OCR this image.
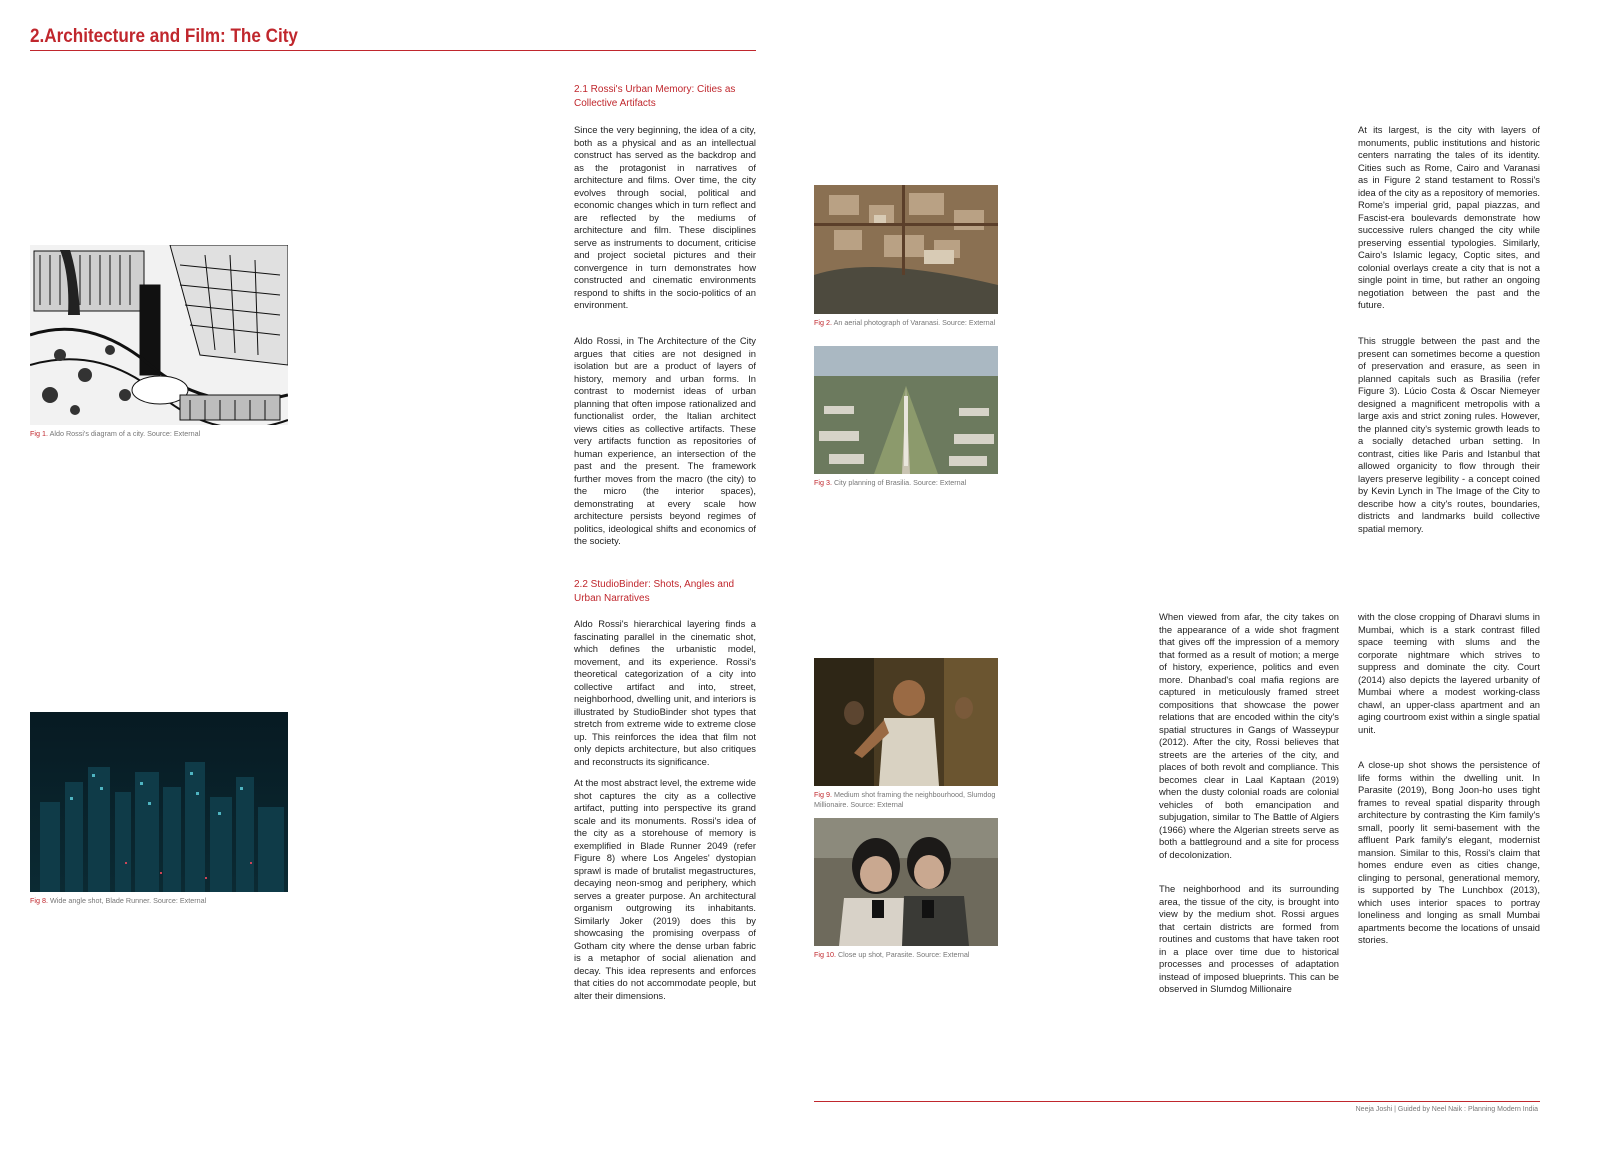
2.Architecture and Film: The City
Fig 1. Aldo Rossi's diagram of a city. Source: External
Fig 8. Wide angle shot, Blade Runner. Source: External
2.1 Rossi's Urban Memory: Cities as Collective Artifacts

Since the very beginning, the idea of a city, both as a physical and as an intellectual construct has served as the backdrop and as the protagonist in narratives of architecture and films. Over time, the city evolves through social, political and economic changes which in turn reflect and are reflected by the mediums of architecture and film. These disciplines serve as instruments to document, criticise and project societal pictures and their convergence in turn demonstrates how constructed and cinematic environments respond to shifts in the socio-politics of an environment.

Aldo Rossi, in The Architecture of the City argues that cities are not designed in isolation but are a product of layers of history, memory and urban forms. In contrast to modernist ideas of urban planning that often impose rationalized and functionalist order, the Italian architect views cities as collective artifacts. These very artifacts function as repositories of human experience, an intersection of the past and the present. The framework further moves from the macro (the city) to the micro (the interior spaces), demonstrating at every scale how architecture persists beyond regimes of politics, ideological shifts and economics of the society.

2.2 StudioBinder: Shots, Angles and Urban Narratives

Aldo Rossi's hierarchical layering finds a fascinating parallel in the cinematic shot, which defines the urbanistic model, movement, and its experience. Rossi's theoretical categorization of a city into collective artifact and into, street, neighborhood, dwelling unit, and interiors is illustrated by StudioBinder shot types that stretch from extreme wide to extreme close up. This reinforces the idea that film not only depicts architecture, but also critiques and reconstructs its significance.

At the most abstract level, the extreme wide shot captures the city as a collective artifact, putting into perspective its grand scale and its monuments. Rossi's idea of the city as a storehouse of memory is exemplified in Blade Runner 2049 (refer Figure 8) where Los Angeles' dystopian sprawl is made of brutalist megastructures, decaying neon-smog and periphery, which serves a greater purpose. An architectural organism outgrowing its inhabitants. Similarly Joker (2019) does this by showcasing the promising overpass of Gotham city where the dense urban fabric is a metaphor of social alienation and decay. This idea represents and enforces that cities do not accommodate people, but alter their dimensions.

Fig 2. An aerial photograph of Varanasi. Source: External
Fig 3. City planning of Brasilia. Source: External
Fig 9. Medium shot framing the neighbourhood, Slumdog Millionaire. Source: External
Fig 10. Close up shot, Parasite. Source: External

When viewed from afar, the city takes on the appearance of a wide shot fragment that gives off the impression of a memory that formed as a result of motion; a merge of history, experience, politics and even more. Dhanbad's coal mafia regions are captured in meticulously framed street compositions that showcase the power relations that are encoded within the city's spatial structures in Gangs of Wasseypur (2012). After the city, Rossi believes that streets are the arteries of the city, and places of both revolt and compliance. This becomes clear in Laal Kaptaan (2019) when the dusty colonial roads are colonial vehicles of both emancipation and subjugation, similar to The Battle of Algiers (1966) where the Algerian streets serve as both a battleground and a site for process of decolonization.

The neighborhood and its surrounding area, the tissue of the city, is brought into view by the medium shot. Rossi argues that certain districts are formed from routines and customs that have taken root in a place over time due to historical processes and processes of adaptation instead of imposed blueprints. This can be observed in Slumdog Millionaire

At its largest, is the city with layers of monuments, public institutions and historic centers narrating the tales of its identity. Cities such as Rome, Cairo and Varanasi as in Figure 2 stand testament to Rossi's idea of the city as a repository of memories. Rome's imperial grid, papal piazzas, and Fascist-era boulevards demonstrate how successive rulers changed the city while preserving essential typologies. Similarly, Cairo's Islamic legacy, Coptic sites, and colonial overlays create a city that is not a single point in time, but rather an ongoing negotiation between the past and the future.

This struggle between the past and the present can sometimes become a question of preservation and erasure, as seen in planned capitals such as Brasilia (refer Figure 3). Lúcio Costa & Oscar Niemeyer designed a magnificent metropolis with a large axis and strict zoning rules. However, the planned city's systemic growth leads to a socially detached urban setting. In contrast, cities like Paris and Istanbul that allowed organicity to flow through their layers preserve legibility - a concept coined by Kevin Lynch in The Image of the City to describe how a city's routes, boundaries, districts and landmarks build collective spatial memory.

with the close cropping of Dharavi slums in Mumbai, which is a stark contrast filled space teeming with slums and the corporate nightmare which strives to suppress and dominate the city. Court (2014) also depicts the layered urbanity of Mumbai where a modest working-class chawl, an upper-class apartment and an aging courtroom exist within a single spatial unit.

A close-up shot shows the persistence of life forms within the dwelling unit. In Parasite (2019), Bong Joon-ho uses tight frames to reveal spatial disparity through architecture by contrasting the Kim family's small, poorly lit semi-basement with the affluent Park family's elegant, modernist mansion. Similar to this, Rossi's claim that homes endure even as cities change, clinging to personal, generational memory, is supported by The Lunchbox (2013), which uses interior spaces to portray loneliness and longing as small Mumbai apartments become the locations of unsaid stories.

Neeja Joshi | Guided by Neel Naik : Planning Modern India
